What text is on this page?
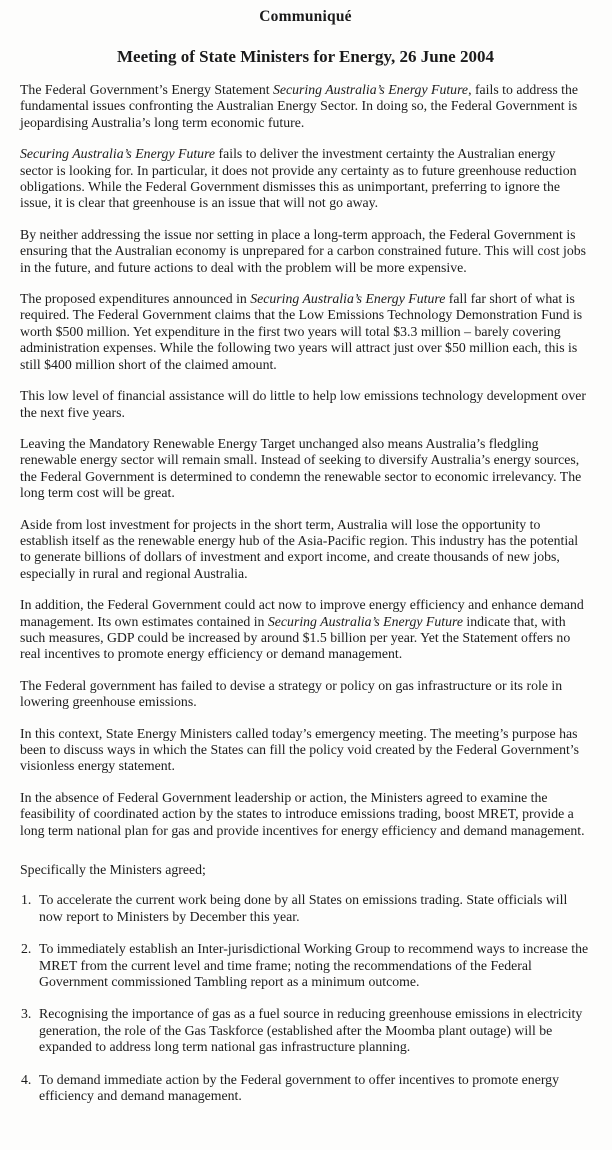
Communiqué
Meeting of State Ministers for Energy, 26 June 2004

The Federal Government’s Energy Statement Securing Australia’s Energy Future, fails to address the fundamental issues confronting the Australian Energy Sector. In doing so, the Federal Government is jeopardising Australia’s long term economic future.

Securing Australia’s Energy Future fails to deliver the investment certainty the Australian energy sector is looking for. In particular, it does not provide any certainty as to future greenhouse reduction obligations. While the Federal Government dismisses this as unimportant, preferring to ignore the issue, it is clear that greenhouse is an issue that will not go away.

By neither addressing the issue nor setting in place a long-term approach, the Federal Government is ensuring that the Australian economy is unprepared for a carbon constrained future. This will cost jobs in the future, and future actions to deal with the problem will be more expensive.

The proposed expenditures announced in Securing Australia’s Energy Future fall far short of what is required. The Federal Government claims that the Low Emissions Technology Demonstration Fund is worth $500 million. Yet expenditure in the first two years will total $3.3 million – barely covering administration expenses. While the following two years will attract just over $50 million each, this is still $400 million short of the claimed amount.

This low level of financial assistance will do little to help low emissions technology development over the next five years.

Leaving the Mandatory Renewable Energy Target unchanged also means Australia’s fledgling renewable energy sector will remain small. Instead of seeking to diversify Australia’s energy sources, the Federal Government is determined to condemn the renewable sector to economic irrelevancy. The long term cost will be great.

Aside from lost investment for projects in the short term, Australia will lose the opportunity to establish itself as the renewable energy hub of the Asia-Pacific region. This industry has the potential to generate billions of dollars of investment and export income, and create thousands of new jobs, especially in rural and regional Australia.

In addition, the Federal Government could act now to improve energy efficiency and enhance demand management. Its own estimates contained in Securing Australia’s Energy Future indicate that, with such measures, GDP could be increased by around $1.5 billion per year. Yet the Statement offers no real incentives to promote energy efficiency or demand management.

The Federal government has failed to devise a strategy or policy on gas infrastructure or its role in lowering greenhouse emissions.

In this context, State Energy Ministers called today’s emergency meeting. The meeting’s purpose has been to discuss ways in which the States can fill the policy void created by the Federal Government’s visionless energy statement.

In the absence of Federal Government leadership or action, the Ministers agreed to examine the feasibility of coordinated action by the states to introduce emissions trading, boost MRET, provide a long term national plan for gas and provide incentives for energy efficiency and demand management.

Specifically the Ministers agreed;

1. To accelerate the current work being done by all States on emissions trading. State officials will now report to Ministers by December this year.
2. To immediately establish an Inter-jurisdictional Working Group to recommend ways to increase the MRET from the current level and time frame; noting the recommendations of the Federal Government commissioned Tambling report as a minimum outcome.
3. Recognising the importance of gas as a fuel source in reducing greenhouse emissions in electricity generation, the role of the Gas Taskforce (established after the Moomba plant outage) will be expanded to address long term national gas infrastructure planning.
4. To demand immediate action by the Federal government to offer incentives to promote energy efficiency and demand management.
